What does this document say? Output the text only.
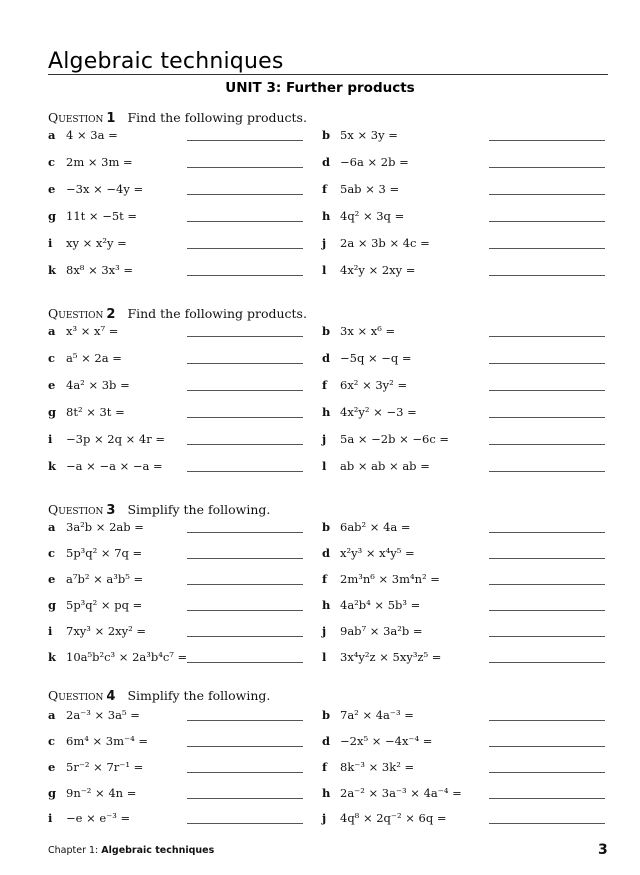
Algebraic techniques
UNIT 3: Further products
Question 1 Find the following products.
a 4 × 3a =	b 5x × 3y =
c 2m × 3m =	d −6a × 2b =
e −3x × −4y =	f 5ab × 3 =
g 11t × −5t =	h 4q² × 3q =
i xy × x²y =	j 2a × 3b × 4c =
k 8x⁸ × 3x³ =	l 4x²y × 2xy =
Question 2 Find the following products.
a x³ × x⁷ =	b 3x × x⁶ =
c a⁵ × 2a =	d −5q × −q =
e 4a² × 3b =	f 6x² × 3y² =
g 8t² × 3t =	h 4x²y² × −3 =
i −3p × 2q × 4r =	j 5a × −2b × −6c =
k −a × −a × −a =	l ab × ab × ab =
Question 3 Simplify the following.
a 3a²b × 2ab =	b 6ab² × 4a =
c 5p³q² × 7q =	d x²y³ × x⁴y⁵ =
e a⁷b² × a³b⁵ =	f 2m³n⁶ × 3m⁴n² =
g 5p³q² × pq =	h 4a²b⁴ × 5b³ =
i 7xy³ × 2xy² =	j 9ab⁷ × 3a²b =
k 10a⁵b²c³ × 2a³b⁴c⁷ =	l 3x⁴y²z × 5xy³z⁵ =
Question 4 Simplify the following.
a 2a⁻³ × 3a⁵ =	b 7a² × 4a⁻³ =
c 6m⁴ × 3m⁻⁴ =	d −2x⁵ × −4x⁻⁴ =
e 5r⁻² × 7r⁻¹ =	f 8k⁻³ × 3k² =
g 9n⁻² × 4n =	h 2a⁻² × 3a⁻³ × 4a⁻⁴ =
i −e × e⁻³ =	j 4q⁸ × 2q⁻² × 6q =
Chapter 1: Algebraic techniques	3
